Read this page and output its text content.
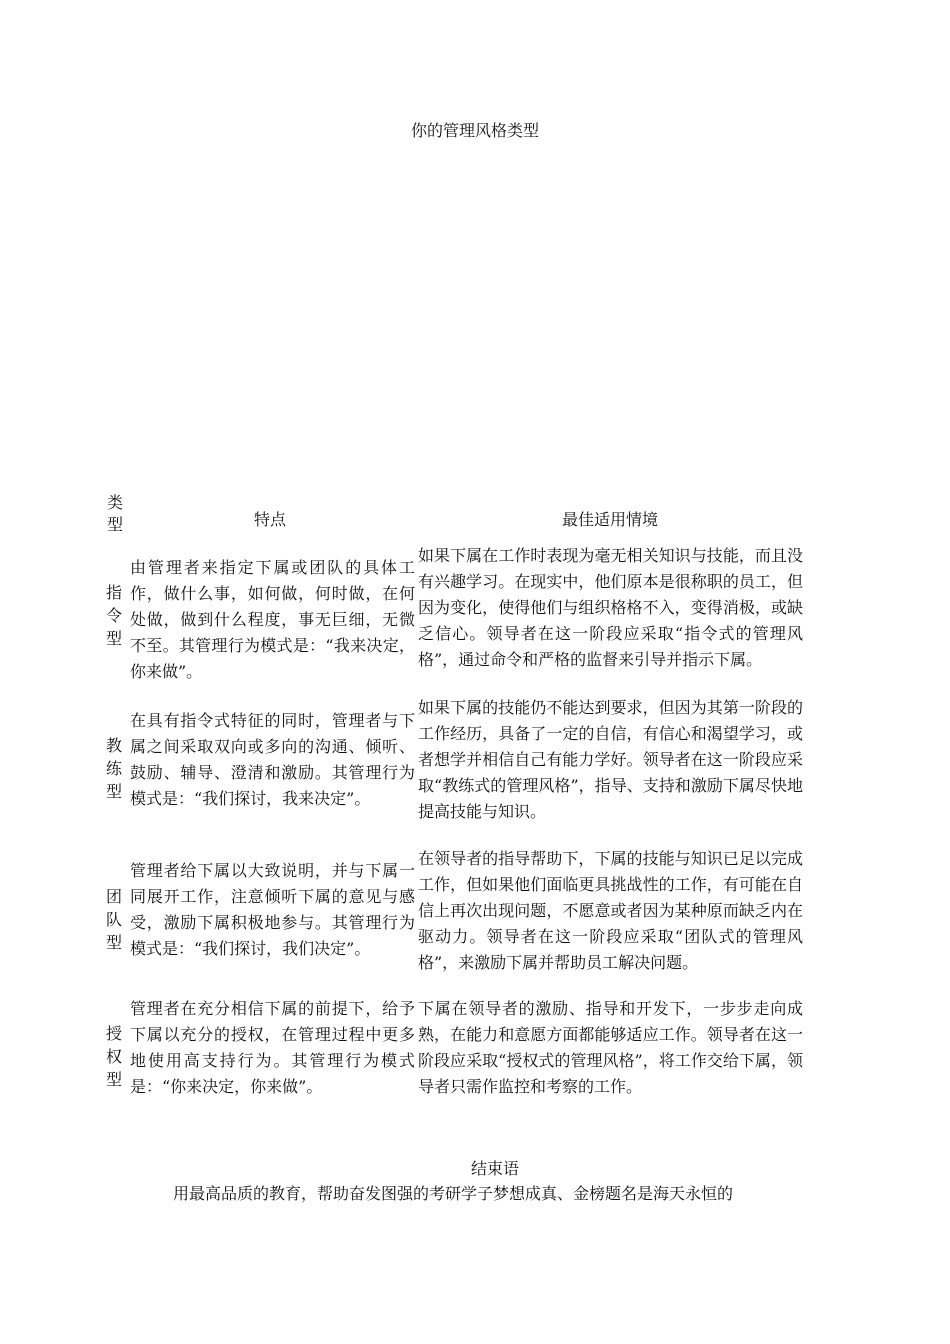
你的管理风格类型
类型	特点	最佳适用情境
指令型
由管理者来指定下属或团队的具体工作，做什么事，如何做，何时做，在何处做，做到什么程度，事无巨细，无微不至。其管理行为模式是：“我来决定，你来做”。
如果下属在工作时表现为毫无相关知识与技能，而且没有兴趣学习。在现实中，他们原本是很称职的员工，但因为变化，使得他们与组织格格不入，变得消极，或缺乏信心。领导者在这一阶段应采取“指令式的管理风格”，通过命令和严格的监督来引导并指示下属。
教练型
在具有指令式特征的同时，管理者与下属之间采取双向或多向的沟通、倾听、鼓励、辅导、澄清和激励。其管理行为模式是：“我们探讨，我来决定”。
如果下属的技能仍不能达到要求，但因为其第一阶段的工作经历，具备了一定的自信，有信心和渴望学习，或者想学并相信自己有能力学好。领导者在这一阶段应采取“教练式的管理风格”，指导、支持和激励下属尽快地提高技能与知识。
团队型
管理者给下属以大致说明，并与下属一同展开工作，注意倾听下属的意见与感受，激励下属积极地参与。其管理行为模式是：“我们探讨，我们决定”。
在领导者的指导帮助下，下属的技能与知识已足以完成工作，但如果他们面临更具挑战性的工作，有可能在自信上再次出现问题，不愿意或者因为某种原而缺乏内在驱动力。领导者在这一阶段应采取“团队式的管理风格”，来激励下属并帮助员工解决问题。
授权型
管理者在充分相信下属的前提下，给予下属以充分的授权，在管理过程中更多地使用高支持行为。其管理行为模式是：“你来决定，你来做”。
下属在领导者的激励、指导和开发下，一步步走向成熟，在能力和意愿方面都能够适应工作。领导者在这一阶段应采取“授权式的管理风格”，将工作交给下属，领导者只需作监控和考察的工作。
结束语
用最高品质的教育，帮助奋发图强的考研学子梦想成真、金榜题名是海天永恒的
